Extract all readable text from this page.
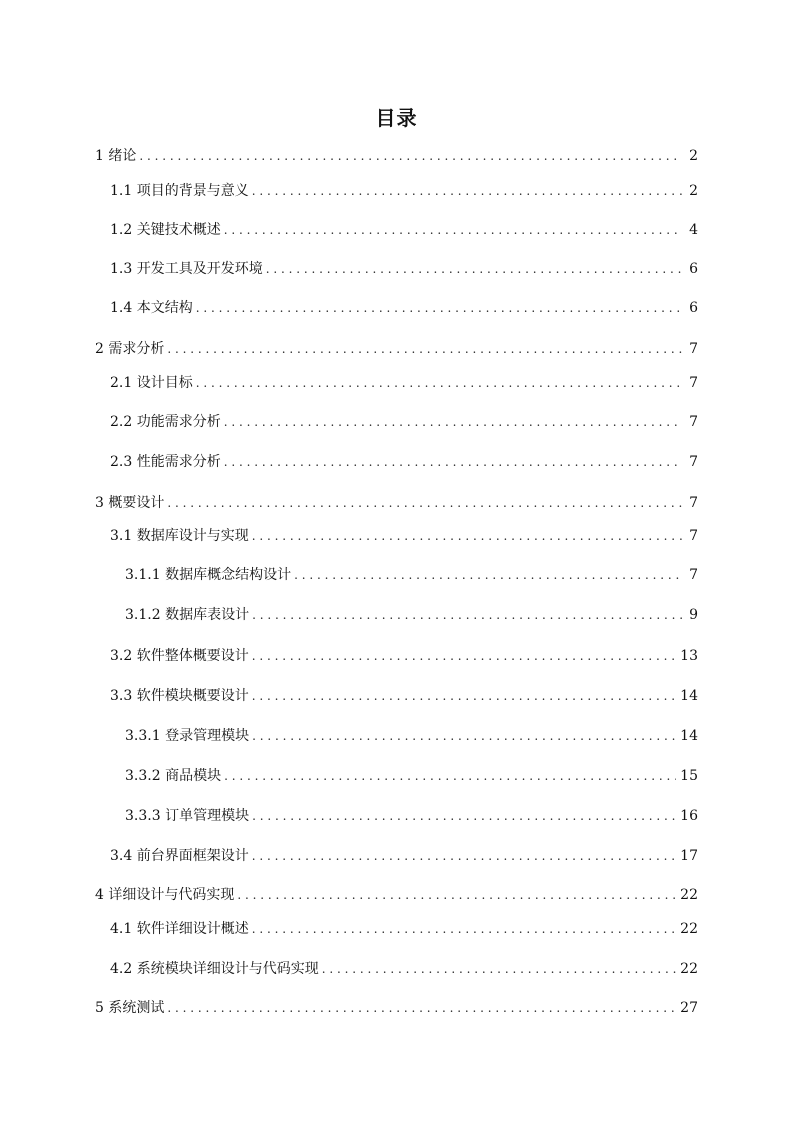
目录
1 绪论 . . .	2
1.1 项目的背景与意义 . . .	2
1.2 关键技术概述 . . .	4
1.3 开发工具及开发环境 . . .	6
1.4 本文结构 . . .	6
2 需求分析 . . .	7
2.1 设计目标 . . .	7
2.2 功能需求分析 . . .	7
2.3 性能需求分析 . . .	7
3 概要设计 . . .	7
3.1 数据库设计与实现 . . .	7
3.1.1 数据库概念结构设计 . . .	7
3.1.2 数据库表设计 . . .	9
3.2 软件整体概要设计 . . .	13
3.3 软件模块概要设计 . . .	14
3.3.1 登录管理模块 . . .	14
3.3.2 商品模块 . . .	15
3.3.3 订单管理模块 . . .	16
3.4 前台界面框架设计 . . .	17
4 详细设计与代码实现 . . .	22
4.1 软件详细设计概述 . . .	22
4.2 系统模块详细设计与代码实现 . . .	22
5 系统测试 . . .	27
